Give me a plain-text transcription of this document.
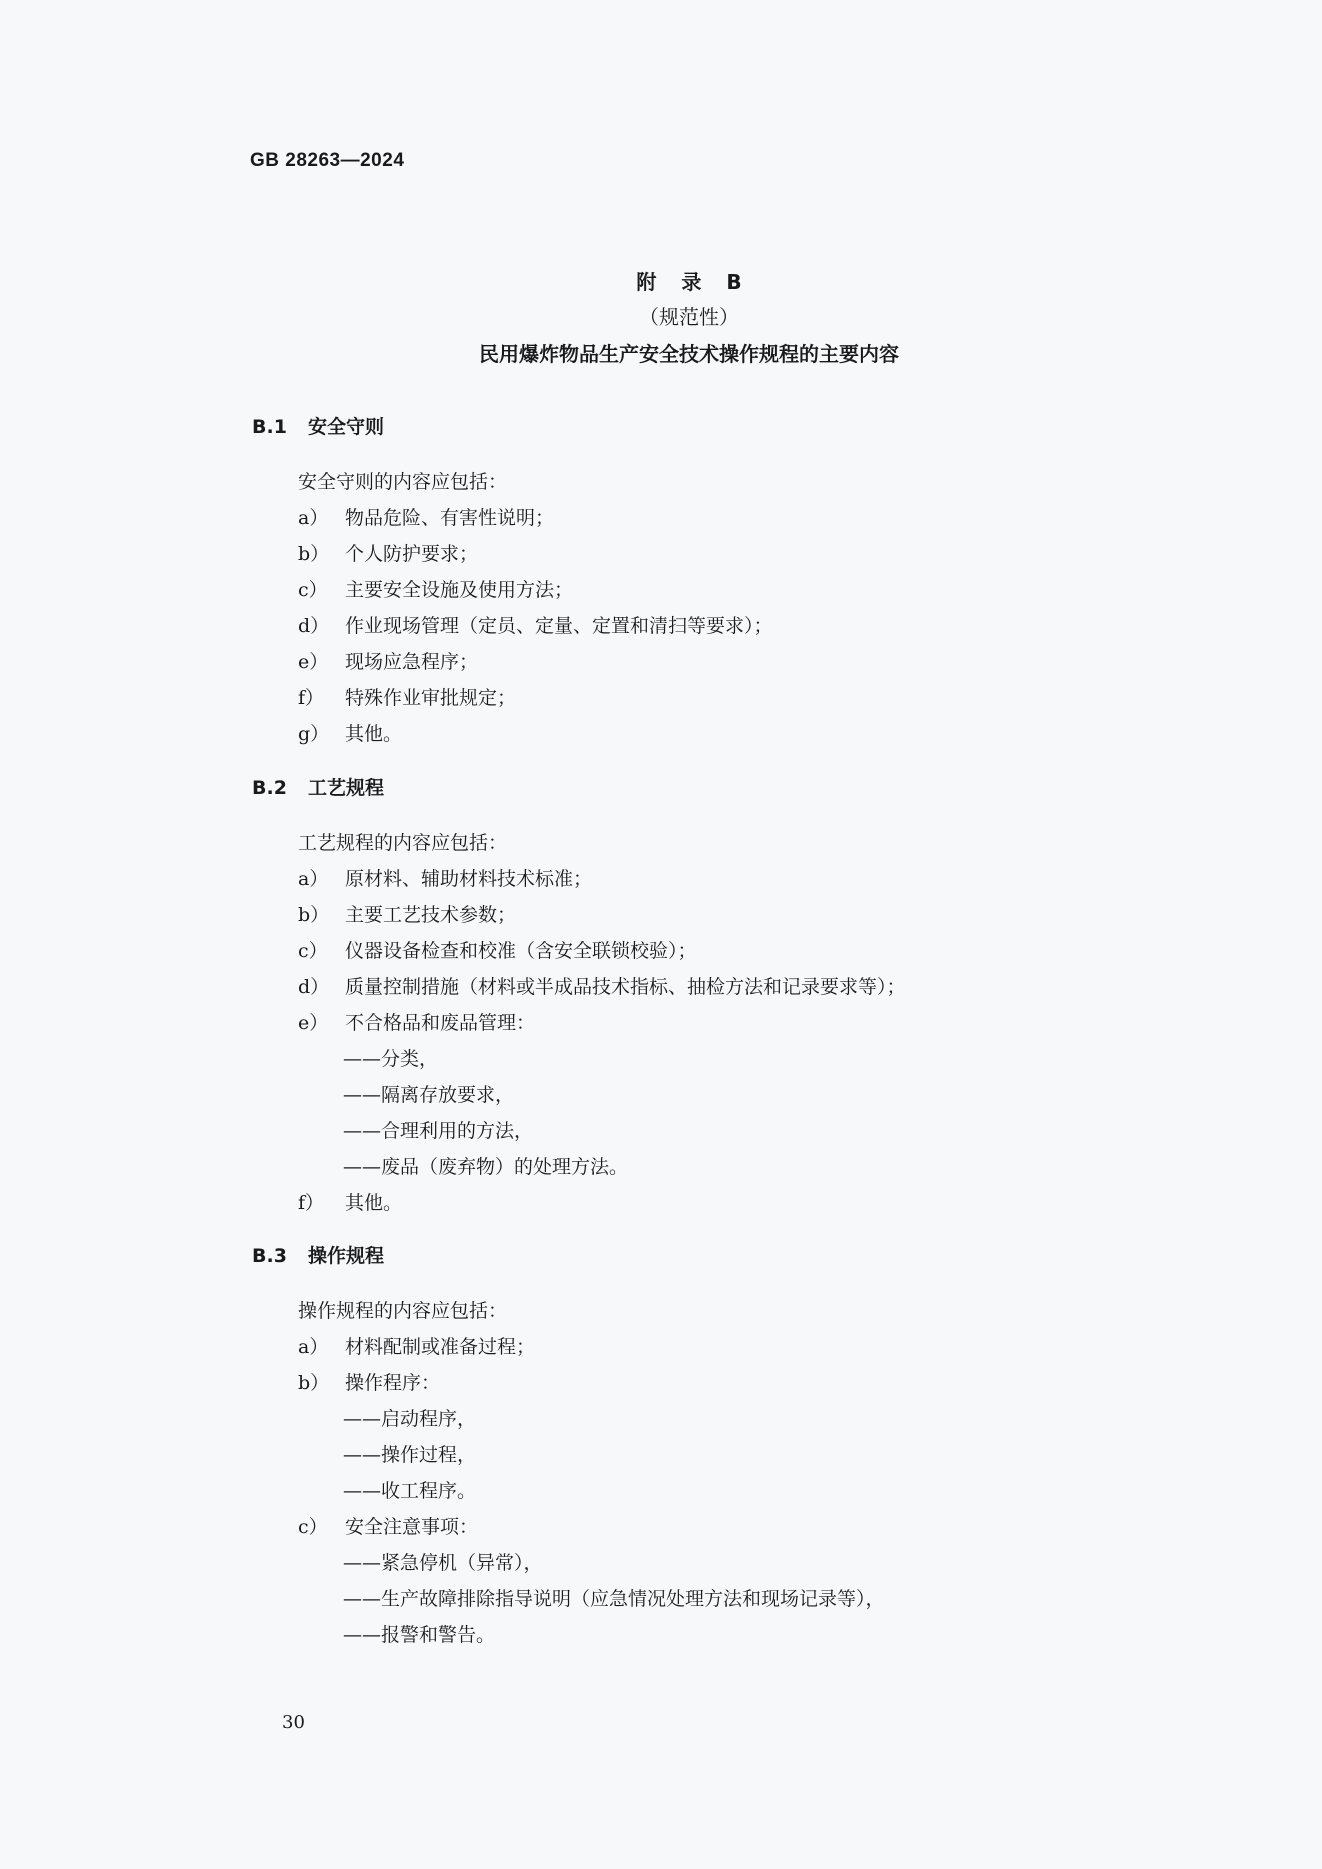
GB 28263—2024
附 录 B
（规范性）
民用爆炸物品生产安全技术操作规程的主要内容
B.1 安全守则
安全守则的内容应包括：
a） 物品危险、有害性说明；
b） 个人防护要求；
c） 主要安全设施及使用方法；
d） 作业现场管理（定员、定量、定置和清扫等要求）；
e） 现场应急程序；
f） 特殊作业审批规定；
g） 其他。
B.2 工艺规程
工艺规程的内容应包括：
a） 原材料、辅助材料技术标准；
b） 主要工艺技术参数；
c） 仪器设备检查和校准（含安全联锁校验）；
d） 质量控制措施（材料或半成品技术指标、抽检方法和记录要求等）；
e） 不合格品和废品管理：
——分类，
——隔离存放要求，
——合理利用的方法，
——废品（废弃物）的处理方法。
f） 其他。
B.3 操作规程
操作规程的内容应包括：
a） 材料配制或准备过程；
b） 操作程序：
——启动程序，
——操作过程，
——收工程序。
c） 安全注意事项：
——紧急停机（异常），
——生产故障排除指导说明（应急情况处理方法和现场记录等），
——报警和警告。
30
